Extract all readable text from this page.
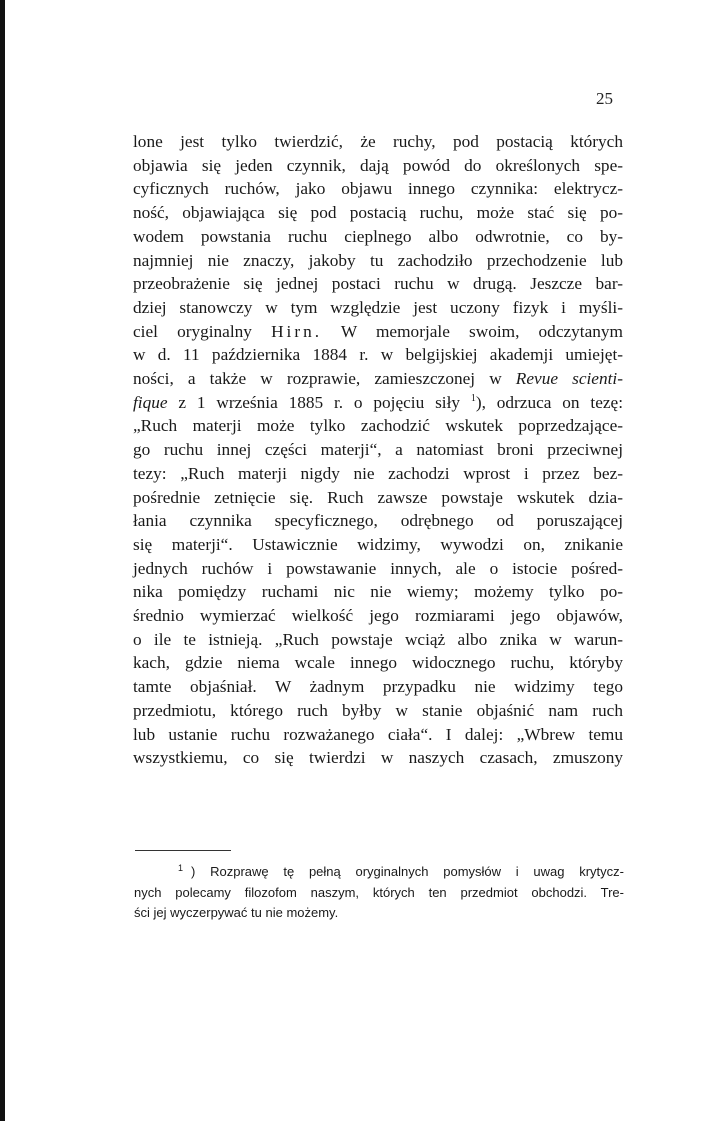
25
lone jest tylko twierdzić, że ruchy, pod postacią których
objawia się jeden czynnik, dają powód do określonych spe-
cyficznych ruchów, jako objawu innego czynnika: elektrycz-
ność, objawiająca się pod postacią ruchu, może stać się po-
wodem powstania ruchu cieplnego albo odwrotnie, co by-
najmniej nie znaczy, jakoby tu zachodziło przechodzenie lub
przeobrażenie się jednej postaci ruchu w drugą. Jeszcze bar-
dziej stanowczy w tym względzie jest uczony fizyk i myśli-
ciel oryginalny Hirn. W memorjale swoim, odczytanym
w d. 11 października 1884 r. w belgijskiej akademji umiejęt-
ności, a także w rozprawie, zamieszczonej w Revue scienti-
fique z 1 września 1885 r. o pojęciu siły $^1$), odrzuca on tezę:
„Ruch materji może tylko zachodzić wskutek poprzedzające-
go ruchu innej części materji“, a natomiast broni przeciwnej
tezy: „Ruch materji nigdy nie zachodzi wprost i przez bez-
pośrednie zetnięcie się. Ruch zawsze powstaje wskutek dzia-
łania czynnika specyficznego, odrębnego od poruszającej
się materji“. Ustawicznie widzimy, wywodzi on, znikanie
jednych ruchów i powstawanie innych, ale o istocie pośred-
nika pomiędzy ruchami nic nie wiemy; możemy tylko po-
średnio wymierzać wielkość jego rozmiarami jego objawów,
o ile te istnieją. „Ruch powstaje wciąż albo znika w warun-
kach, gdzie niema wcale innego widocznego ruchu, któryby
tamte objaśniał. W żadnym przypadku nie widzimy tego
przedmiotu, którego ruch byłby w stanie objaśnić nam ruch
lub ustanie ruchu rozważanego ciała“. I dalej: „Wbrew temu
wszystkiemu, co się twierdzi w naszych czasach, zmuszony
$^1$ ) Rozprawę tę pełną oryginalnych pomysłów i uwag krytycz-
nych polecamy filozofom naszym, których ten przedmiot obchodzi. Tre-
ści jej wyczerpywać tu nie możemy.
